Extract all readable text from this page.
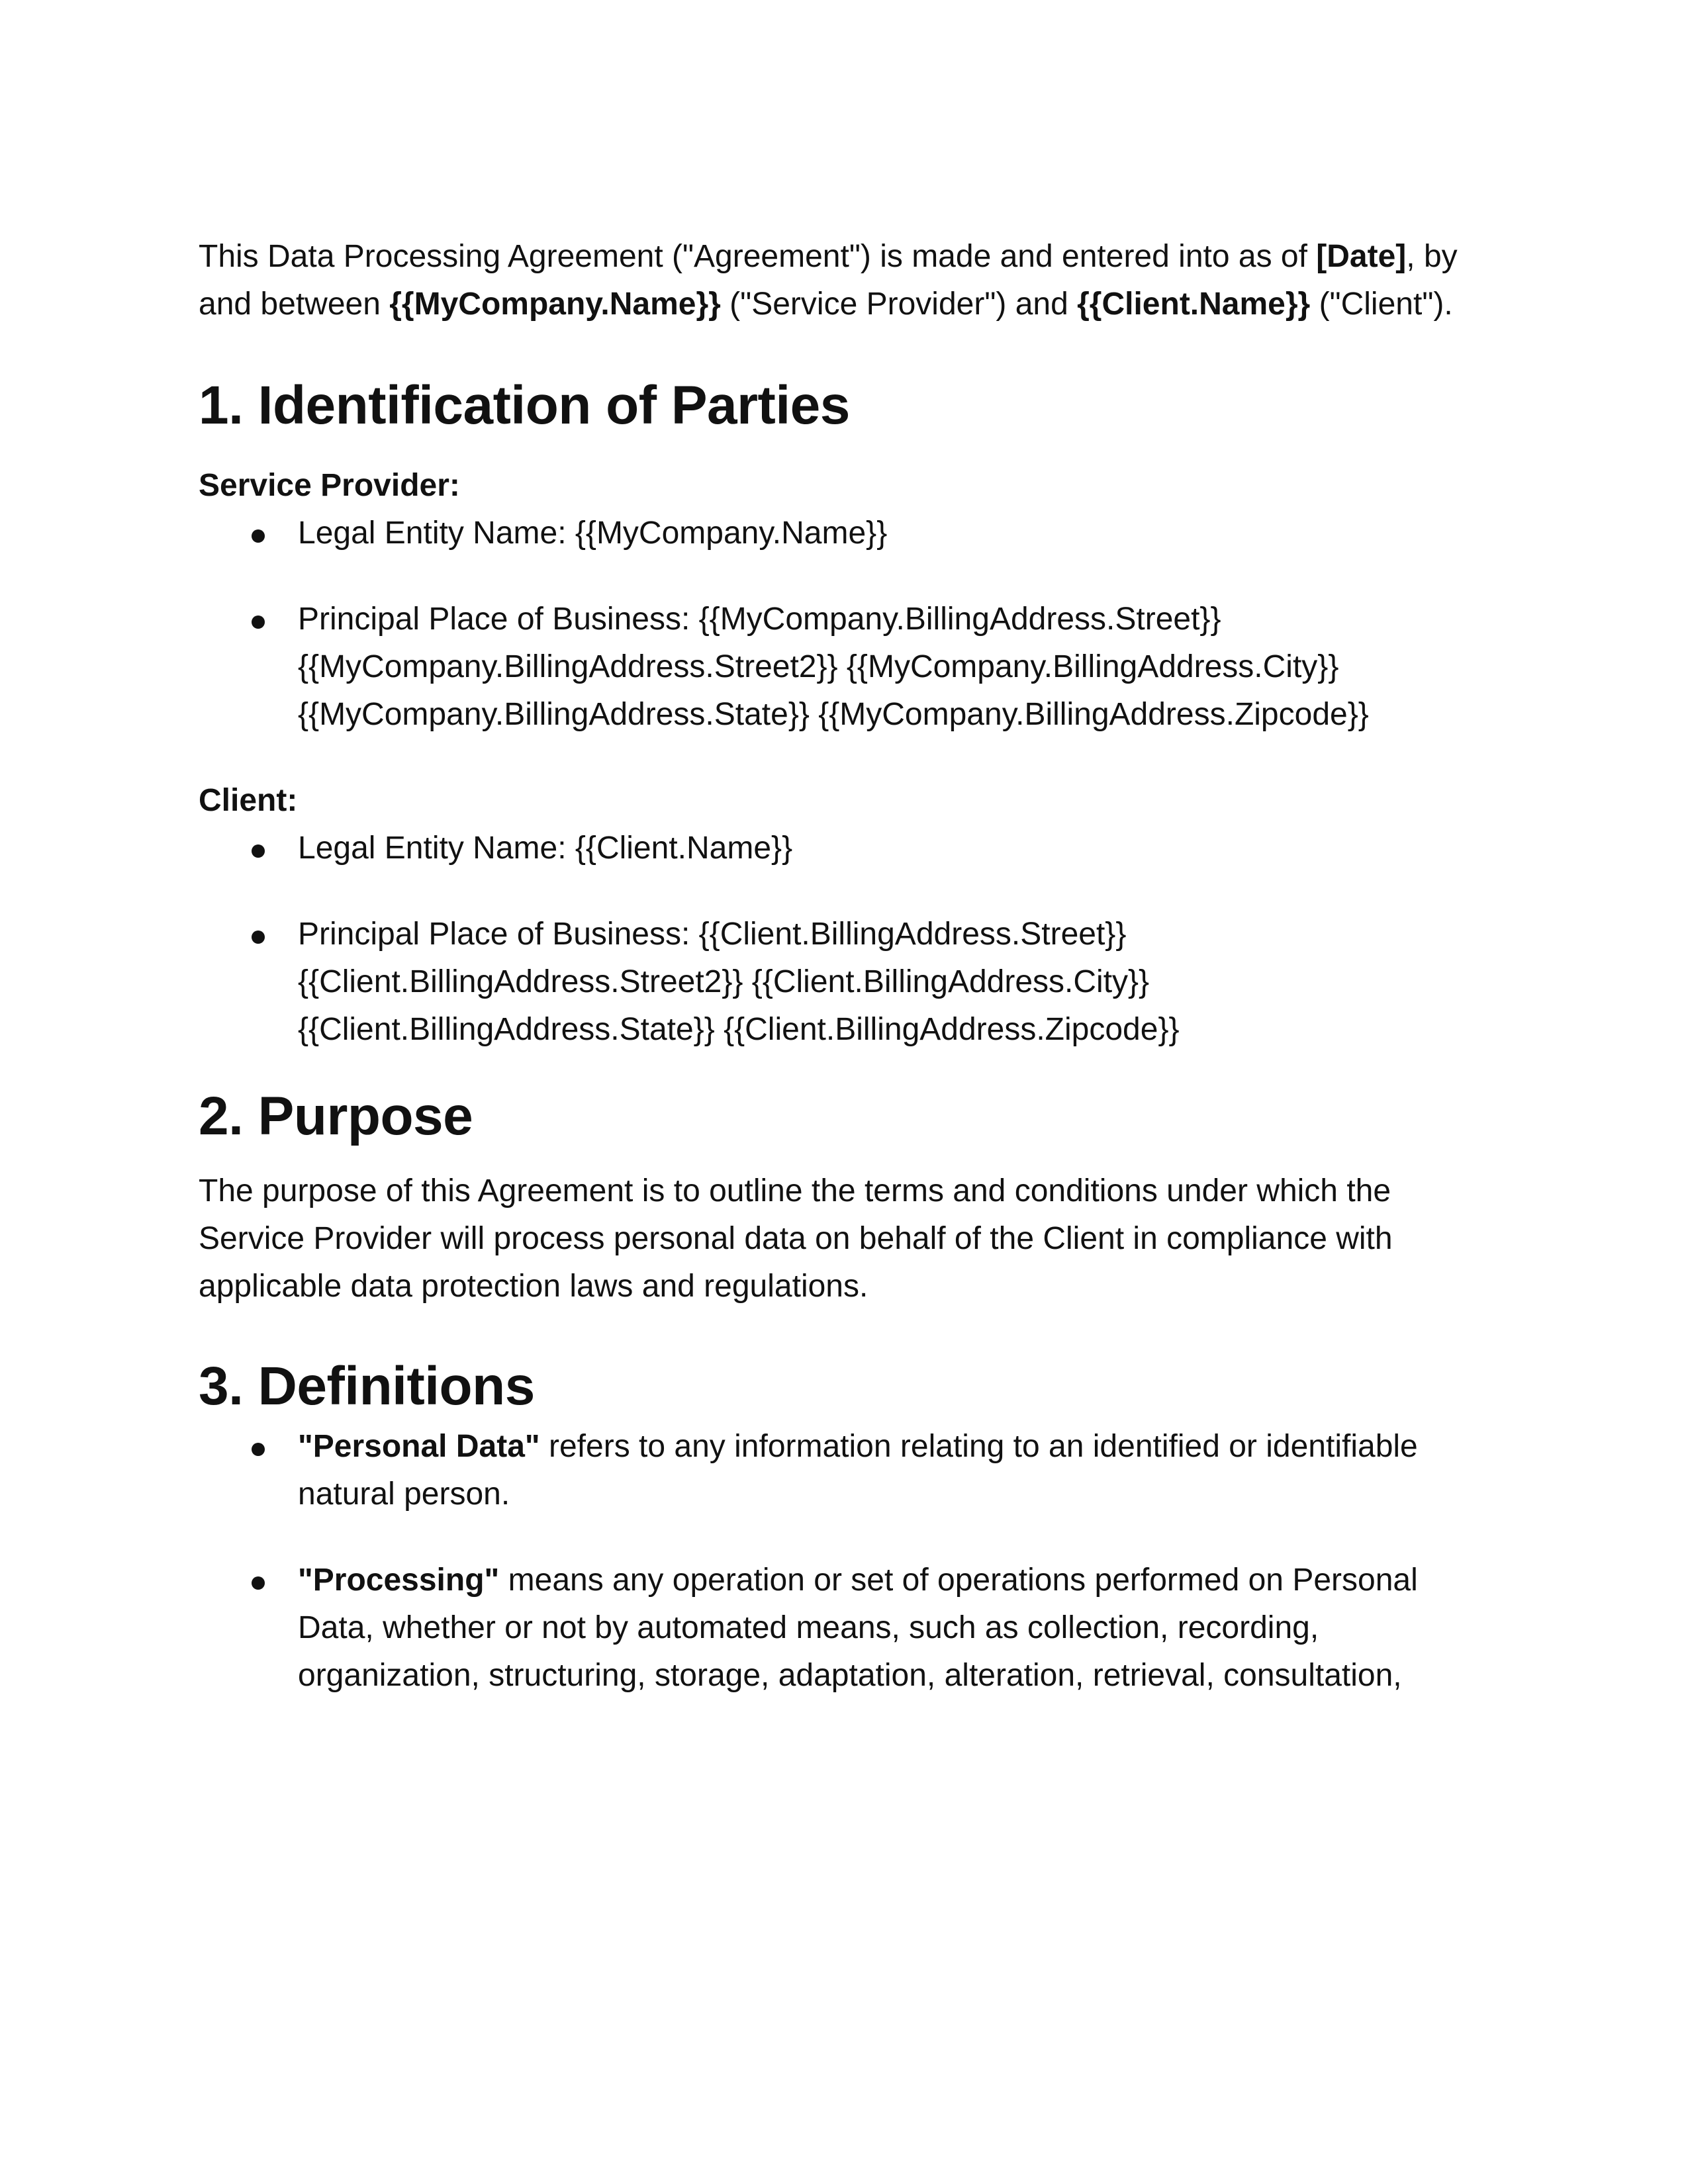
This Data Processing Agreement ("Agreement") is made and entered into as of [Date], by and between {{MyCompany.Name}} ("Service Provider") and {{Client.Name}} ("Client").

1. Identification of Parties

Service Provider:

Legal Entity Name: {{MyCompany.Name}}
Principal Place of Business: {{MyCompany.BillingAddress.Street}} {{MyCompany.BillingAddress.Street2}} {{MyCompany.BillingAddress.City}} {{MyCompany.BillingAddress.State}} {{MyCompany.BillingAddress.Zipcode}}

Client:

Legal Entity Name: {{Client.Name}}
Principal Place of Business: {{Client.BillingAddress.Street}} {{Client.BillingAddress.Street2}} {{Client.BillingAddress.City}} {{Client.BillingAddress.State}} {{Client.BillingAddress.Zipcode}}
2. Purpose

The purpose of this Agreement is to outline the terms and conditions under which the Service Provider will process personal data on behalf of the Client in compliance with applicable data protection laws and regulations.

3. Definitions
"Personal Data" refers to any information relating to an identified or identifiable natural person.
"Processing" means any operation or set of operations performed on Personal Data, whether or not by automated means, such as collection, recording, organization, structuring, storage, adaptation, alteration, retrieval, consultation,
